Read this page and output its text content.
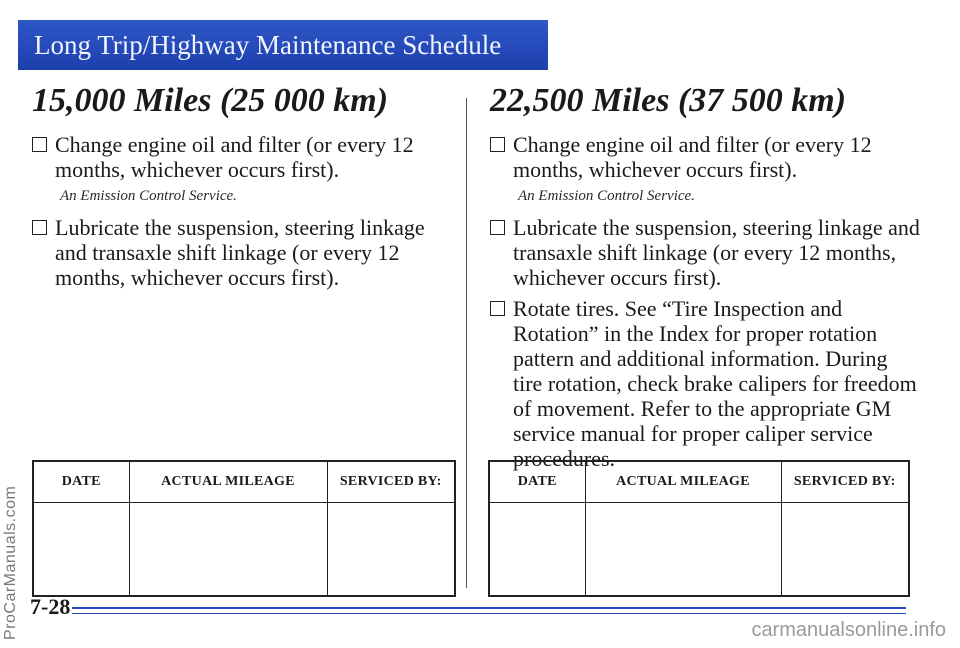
Long Trip/Highway Maintenance Schedule
ProCarManuals.com
15,000 Miles (25 000 km)
Change engine oil and filter (or every 12 months, whichever occurs first).
An Emission Control Service.
Lubricate the suspension, steering linkage and transaxle shift linkage (or every 12 months, whichever occurs first).
DATE	ACTUAL MILEAGE	SERVICED BY:

22,500 Miles (37 500 km)
Change engine oil and filter (or every 12 months, whichever occurs first).
An Emission Control Service.
Lubricate the suspension, steering linkage and transaxle shift linkage (or every 12 months, whichever occurs first).
Rotate tires. See “Tire Inspection and Rotation” in the Index for proper rotation pattern and additional information. During tire rotation, check brake calipers for freedom of movement. Refer to the appropriate GM service manual for proper caliper service procedures.
DATE	ACTUAL MILEAGE	SERVICED BY:

7-28
carmanualsonline.info
